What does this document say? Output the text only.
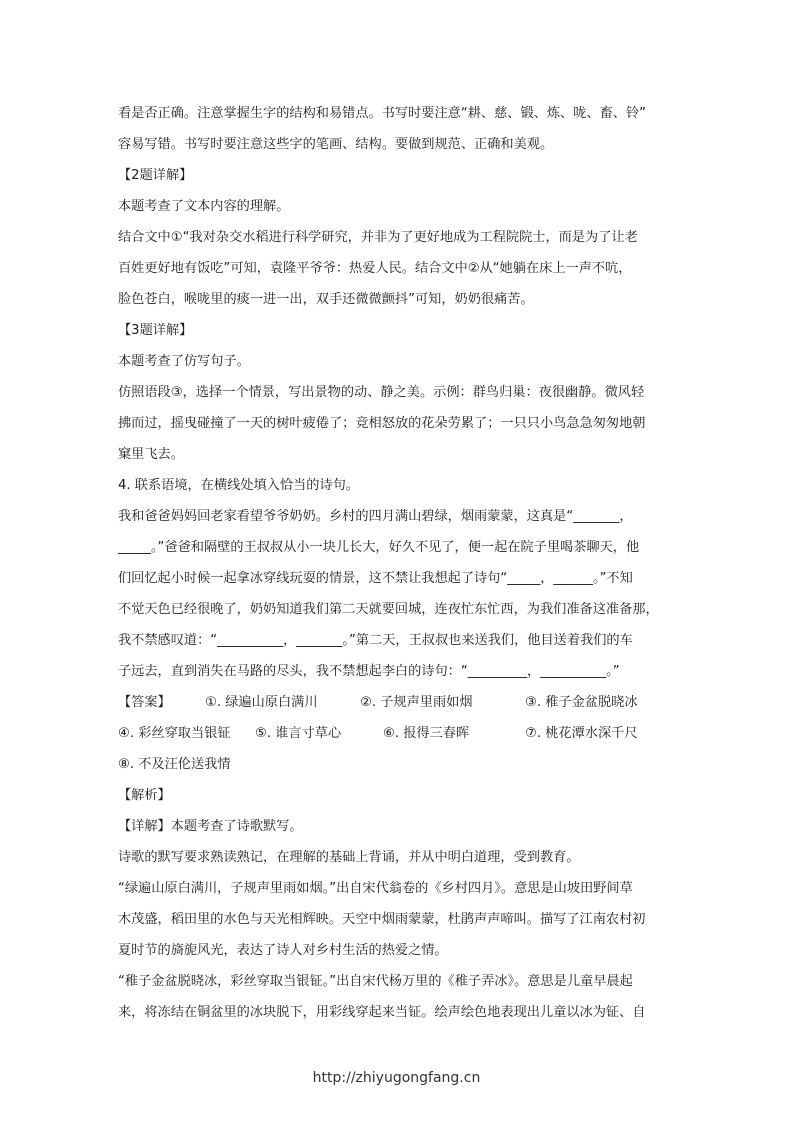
看是否正确。注意掌握生字的结构和易错点。书写时要注意“耕、慈、锻、炼、咙、畜、铃”
容易写错。书写时要注意这些字的笔画、结构。要做到规范、正确和美观。
【2题详解】
本题考查了文本内容的理解。
结合文中①“我对杂交水稻进行科学研究，并非为了更好地成为工程院院士，而是为了让老
百姓更好地有饭吃”可知，袁隆平爷爷：热爱人民。结合文中②从“她躺在床上一声不吭，
脸色苍白，喉咙里的痰一进一出，双手还微微颤抖”可知，奶奶很痛苦。
【3题详解】
本题考查了仿写句子。
仿照语段③，选择一个情景，写出景物的动、静之美。示例：群鸟归巢：夜很幽静。微风轻
拂而过，摇曳碰撞了一天的树叶疲倦了；竞相怒放的花朵劳累了；一只只小鸟急急匆匆地朝
窠里飞去。
4. 联系语境，在横线处填入恰当的诗句。
我和爸爸妈妈回老家看望爷爷奶奶。乡村的四月满山碧绿，烟雨蒙蒙，这真是“_______，
_____。”爸爸和隔壁的王叔叔从小一块儿长大，好久不见了，便一起在院子里喝茶聊天，他
们回忆起小时候一起拿冰穿线玩耍的情景，这不禁让我想起了诗句“_____，______。”不知
不觉天色已经很晚了，奶奶知道我们第二天就要回城，连夜忙东忙西，为我们准备这准备那，
我不禁感叹道：“__________，_______。”第二天，王叔叔也来送我们，他目送着我们的车
子远去，直到消失在马路的尽头，我不禁想起李白的诗句：“_________，__________。”
【答案】	①. 绿遍山原白满川	②. 子规声里雨如烟	③. 稚子金盆脱晓冰
④. 彩丝穿取当银钲	⑤. 谁言寸草心	⑥. 报得三春晖	⑦. 桃花潭水深千尺
⑧. 不及汪伦送我情
【解析】
【详解】本题考查了诗歌默写。
诗歌的默写要求熟读熟记，在理解的基础上背诵，并从中明白道理，受到教育。
“绿遍山原白满川，子规声里雨如烟。”出自宋代翁卷的《乡村四月》。意思是山坡田野间草
木茂盛，稻田里的水色与天光相辉映。天空中烟雨蒙蒙，杜鹃声声啼叫。描写了江南农村初
夏时节的旖旎风光，表达了诗人对乡村生活的热爱之情。
“稚子金盆脱晓冰，彩丝穿取当银钲。”出自宋代杨万里的《稚子弄冰》。意思是儿童早晨起
来，将冻结在铜盆里的冰块脱下，用彩线穿起来当钲。绘声绘色地表现出儿童以冰为钲、自
http://zhiyugongfang.cn
